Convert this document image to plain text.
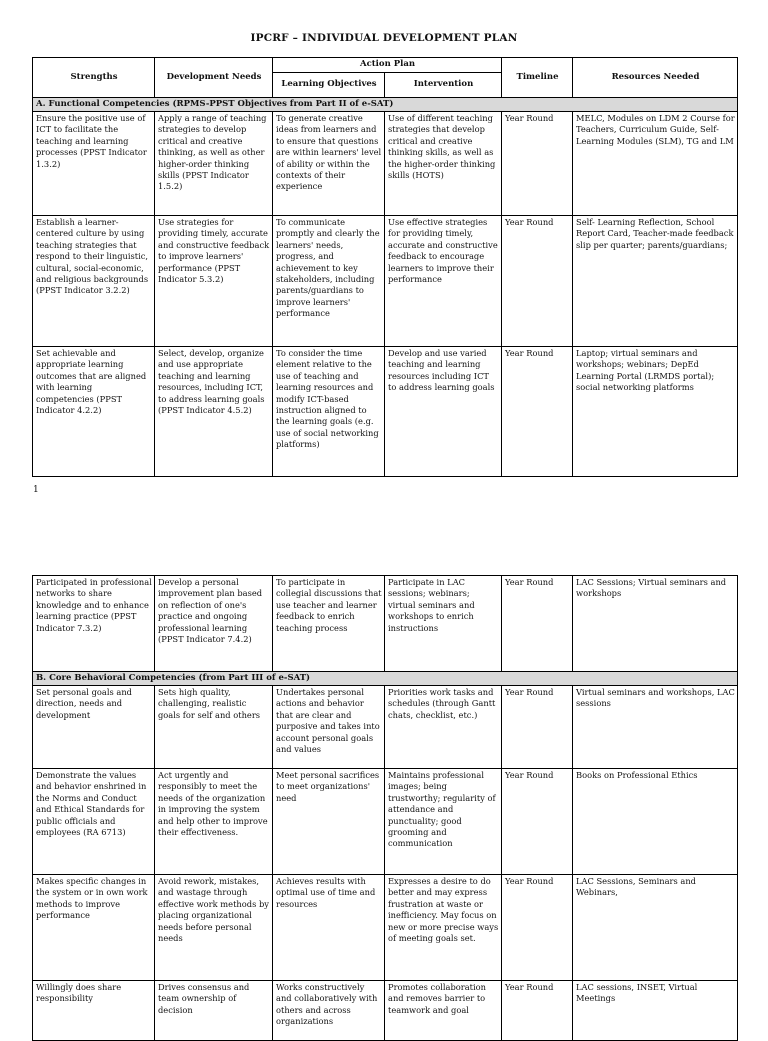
IPCRF – INDIVIDUAL DEVELOPMENT PLAN
Strengths	Development Needs	Action Plan		Timeline	Resources Needed
		Learning Objectives	Intervention		
A. Functional Competencies (RPMS-PPST Objectives from Part II of e-SAT)					
Ensure the positive use of ICT to facilitate the teaching and learning processes (PPST Indicator 1.3.2)	Apply a range of teaching strategies to develop critical and creative thinking, as well as other higher-order thinking skills (PPST Indicator 1.5.2)	To generate creative ideas from learners and to ensure that questions are within learners' level of ability or within the contexts of their experience	Use of different teaching strategies that develop critical and creative thinking skills, as well as the higher-order thinking skills (HOTS)	Year Round	MELC, Modules on LDM 2 Course for Teachers, Curriculum Guide, Self-Learning Modules (SLM), TG and LM
Establish a learner-centered culture by using teaching strategies that respond to their linguistic, cultural, social-economic, and religious backgrounds (PPST Indicator 3.2.2)	Use strategies for providing timely, accurate and constructive feedback to improve learners' performance (PPST Indicator 5.3.2)	To communicate promptly and clearly the learners' needs, progress, and achievement to key stakeholders, including parents/guardians to improve learners' performance	Use effective strategies for providing timely, accurate and constructive feedback to encourage learners to improve their performance	Year Round	Self- Learning Reflection, School Report Card, Teacher-made feedback slip per quarter; parents/guardians;
Set achievable and appropriate learning outcomes that are aligned with learning competencies (PPST Indicator 4.2.2)	Select, develop, organize and use appropriate teaching and learning resources, including ICT, to address learning goals (PPST Indicator 4.5.2)	To consider the time element relative to the use of teaching and learning resources and modify ICT-based instruction aligned to the learning goals (e.g. use of social networking platforms)	Develop and use varied teaching and learning resources including ICT to address learning goals	Year Round	Laptop; virtual seminars and workshops; webinars; DepEd Learning Portal (LRMDS portal); social networking platforms
1
Participated in professional networks to share knowledge and to enhance learning practice (PPST Indicator 7.3.2)	Develop a personal improvement plan based on reflection of one's practice and ongoing professional learning (PPST Indicator 7.4.2)	To participate in collegial discussions that use teacher and learner feedback to enrich teaching process	Participate in LAC sessions; webinars; virtual seminars and workshops to enrich instructions	Year Round	LAC Sessions; Virtual seminars and workshops
B. Core Behavioral Competencies (from Part III of e-SAT)					
Set personal goals and direction, needs and development	Sets high quality, challenging, realistic goals for self and others	Undertakes personal actions and behavior that are clear and purposive and takes into account personal goals and values	Priorities work tasks and schedules (through Gantt chats, checklist, etc.)	Year Round	Virtual seminars and workshops, LAC sessions
Demonstrate the values and behavior enshrined in the Norms and Conduct and Ethical Standards for public officials and employees (RA 6713)	Act urgently and responsibly to meet the needs of the organization in improving the system and help other to improve their effectiveness.	Meet personal sacrifices to meet organizations' need	Maintains professional images; being trustworthy; regularity of attendance and punctuality; good grooming and communication	Year Round	Books on Professional Ethics
Makes specific changes in the system or in own work methods to improve performance	Avoid rework, mistakes, and wastage through effective work methods by placing organizational needs before personal needs	Achieves results with optimal use of time and resources	Expresses a desire to do better and may express frustration at waste or inefficiency. May focus on new or more precise ways of meeting goals set.	Year Round	LAC Sessions, Seminars and Webinars,
Willingly does share responsibility	Drives consensus and team ownership of decision	Works constructively and collaboratively with others and across organizations	Promotes collaboration and removes barrier to teamwork and goal	Year Round	LAC sessions, INSET, Virtual Meetings
